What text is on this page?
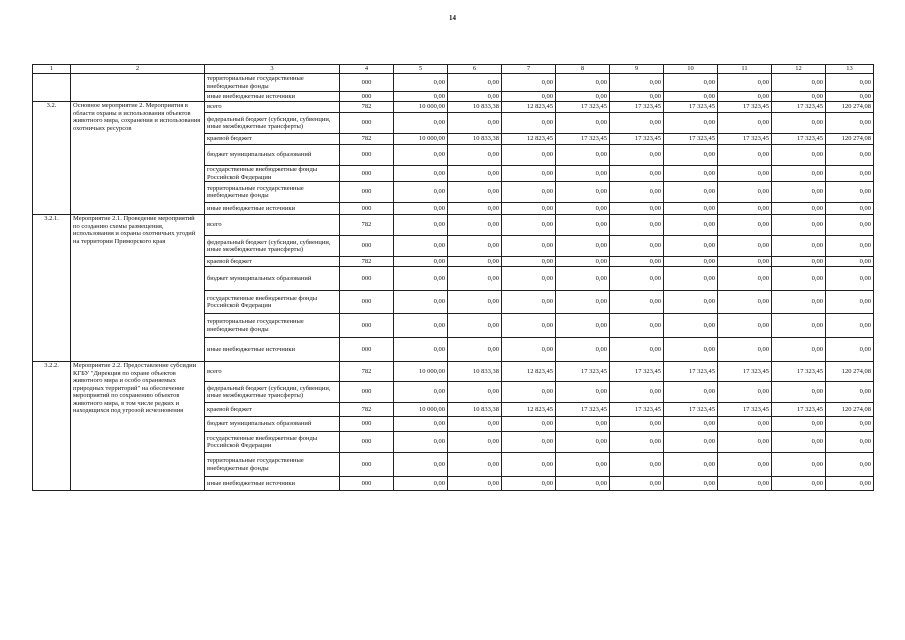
14
1	2	3	4	5	6	7	8	9	10	11	12	13
		территориальные государственные внебюджетные фонды	000	0,00	0,00	0,00	0,00	0,00	0,00	0,00	0,00	0,00
		иные внебюджетные источники	000	0,00	0,00	0,00	0,00	0,00	0,00	0,00	0,00	0,00
3.2.	Основное мероприятие 2. Мероприятия в области охраны и использования объектов животного мира, сохранения и использования охотничьих ресурсов	всего	782	10 000,00	10 833,38	12 823,45	17 323,45	17 323,45	17 323,45	17 323,45	17 323,45	120 274,08
		федеральный бюджет (субсидии, субвенции, иные межбюджетные трансферты)	000	0,00	0,00	0,00	0,00	0,00	0,00	0,00	0,00	0,00
		краевой бюджет	782	10 000,00	10 833,38	12 823,45	17 323,45	17 323,45	17 323,45	17 323,45	17 323,45	120 274,08
		бюджет муниципальных образований	000	0,00	0,00	0,00	0,00	0,00	0,00	0,00	0,00	0,00
		государственные внебюджетные фонды Российской Федерации	000	0,00	0,00	0,00	0,00	0,00	0,00	0,00	0,00	0,00
		территориальные государственные внебюджетные фонды	000	0,00	0,00	0,00	0,00	0,00	0,00	0,00	0,00	0,00
		иные внебюджетные источники	000	0,00	0,00	0,00	0,00	0,00	0,00	0,00	0,00	0,00
3.2.1.	Мероприятие 2.1. Проведение мероприятий по созданию схемы размещения, использования и охраны охотничьих угодий на территории Приморского края	всего	782	0,00	0,00	0,00	0,00	0,00	0,00	0,00	0,00	0,00
		федеральный бюджет (субсидии, субвенции, иные межбюджетные трансферты)	000	0,00	0,00	0,00	0,00	0,00	0,00	0,00	0,00	0,00
		краевой бюджет	782	0,00	0,00	0,00	0,00	0,00	0,00	0,00	0,00	0,00
		бюджет муниципальных образований	000	0,00	0,00	0,00	0,00	0,00	0,00	0,00	0,00	0,00
		государственные внебюджетные фонды Российской Федерации	000	0,00	0,00	0,00	0,00	0,00	0,00	0,00	0,00	0,00
		территориальные государственные внебюджетные фонды	000	0,00	0,00	0,00	0,00	0,00	0,00	0,00	0,00	0,00
		иные внебюджетные источники	000	0,00	0,00	0,00	0,00	0,00	0,00	0,00	0,00	0,00
3.2.2.	Мероприятие 2.2. Предоставление субсидии КГБУ "Дирекция по охране объектов животного мира и особо охраняемых природных территорий" на обеспечение мероприятий по сохранению объектов животного мира, в том числе редких и находящихся под угрозой исчезновения	всего	782	10 000,00	10 833,38	12 823,45	17 323,45	17 323,45	17 323,45	17 323,45	17 323,45	120 274,08
		федеральный бюджет (субсидии, субвенции, иные межбюджетные трансферты)	000	0,00	0,00	0,00	0,00	0,00	0,00	0,00	0,00	0,00
		краевой бюджет	782	10 000,00	10 833,38	12 823,45	17 323,45	17 323,45	17 323,45	17 323,45	17 323,45	120 274,08
		бюджет муниципальных образований	000	0,00	0,00	0,00	0,00	0,00	0,00	0,00	0,00	0,00
		государственные внебюджетные фонды Российской Федерации	000	0,00	0,00	0,00	0,00	0,00	0,00	0,00	0,00	0,00
		территориальные государственные внебюджетные фонды	000	0,00	0,00	0,00	0,00	0,00	0,00	0,00	0,00	0,00
		иные внебюджетные источники	000	0,00	0,00	0,00	0,00	0,00	0,00	0,00	0,00	0,00
